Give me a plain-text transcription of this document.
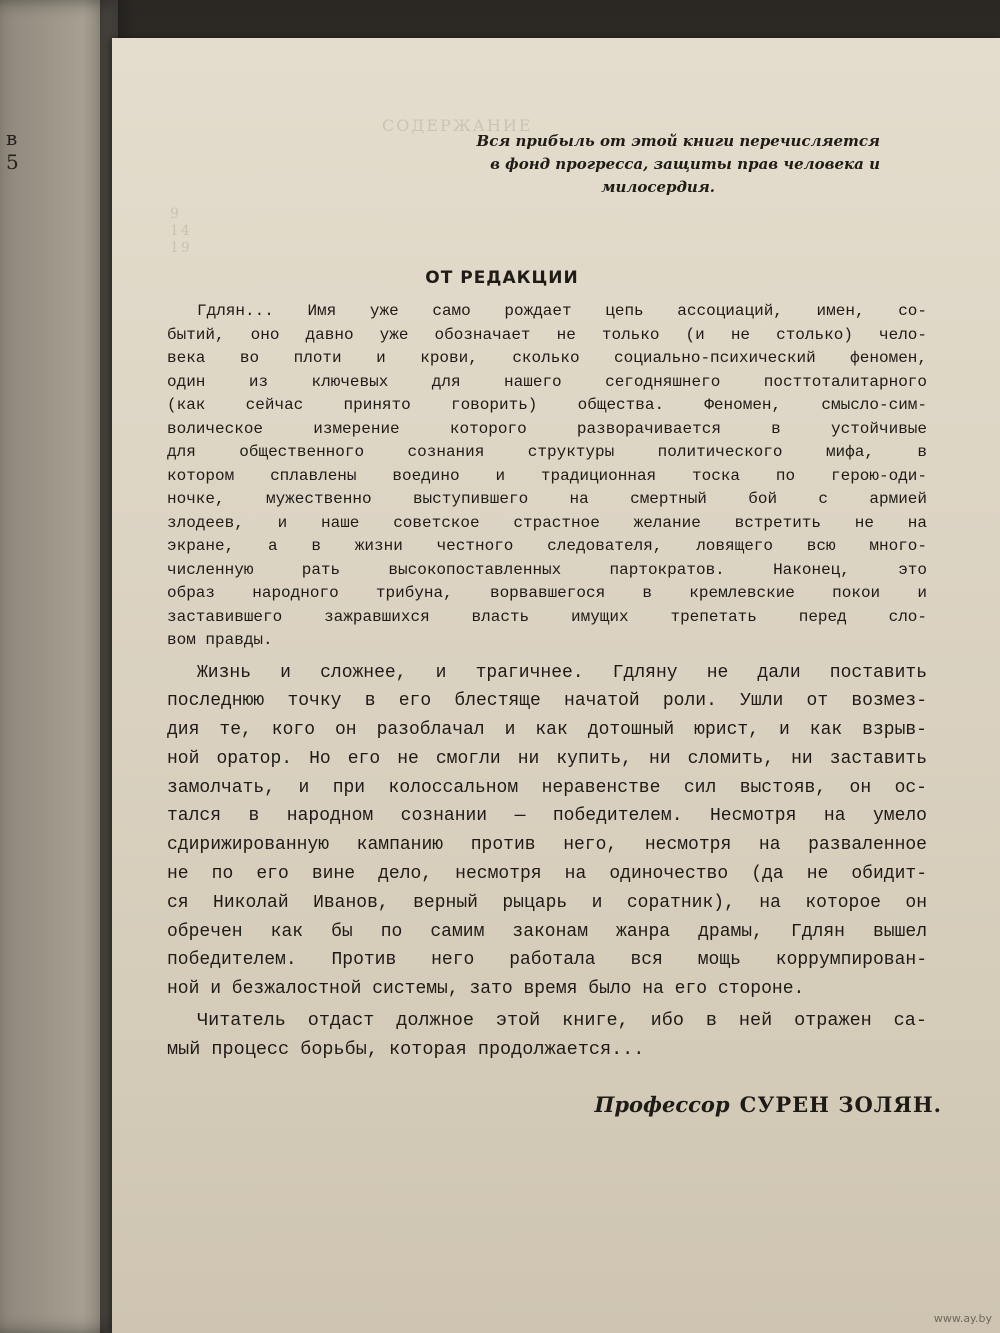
в
5
СОДЕРЖАНИЕ
9
14
19
Вся прибыль от этой книги перечисляется
в фонд прогресса, защиты прав человека и
милосердия.
ОТ РЕДАКЦИИ
Гдлян... Имя уже само рождает цепь ассоциаций, имен, со-
бытий, оно давно уже обозначает не только (и не столько) чело-
века во плоти и крови, сколько социально-психический феномен,
один из ключевых для нашего сегодняшнего посттоталитарного
(как сейчас принято говорить) общества. Феномен, смысло-сим-
волическое измерение которого разворачивается в устойчивые
для общественного сознания структуры политического мифа, в
котором сплавлены воедино и традиционная тоска по герою-оди-
ночке, мужественно выступившего на смертный бой с армией
злодеев, и наше советское страстное желание встретить не на
экране, а в жизни честного следователя, ловящего всю много-
численную рать высокопоставленных партократов. Наконец, это
образ народного трибуна, ворвавшегося в кремлевские покои и
заставившего зажравшихся власть имущих трепетать перед сло-
вом правды.
Жизнь и сложнее, и трагичнее. Гдляну не дали поставить
последнюю точку в его блестяще начатой роли. Ушли от возмез-
дия те, кого он разоблачал и как дотошный юрист, и как взрыв-
ной оратор. Но его не смогли ни купить, ни сломить, ни заставить
замолчать, и при колоссальном неравенстве сил выстояв, он ос-
тался в народном сознании — победителем. Несмотря на умело
сдирижированную кампанию против него, несмотря на разваленное
не по его вине дело, несмотря на одиночество (да не обидит-
ся Николай Иванов, верный рыцарь и соратник), на которое он
обречен как бы по самим законам жанра драмы, Гдлян вышел
победителем. Против него работала вся мощь коррумпирован-
ной и безжалостной системы, зато время было на его стороне.
Читатель отдаст должное этой книге, ибо в ней отражен са-
мый процесс борьбы, которая продолжается...
Профессор СУРЕН ЗОЛЯН.
www.ay.by
